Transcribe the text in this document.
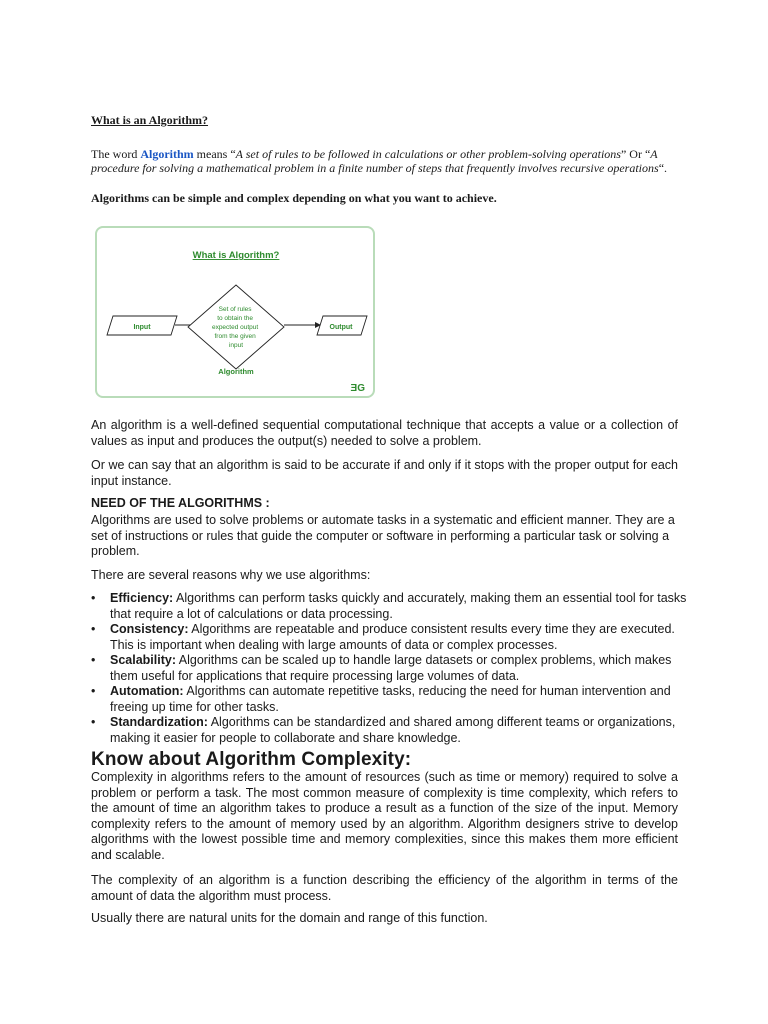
What is an Algorithm?
The word Algorithm means “A set of rules to be followed in calculations or other problem-solving operations” Or “A procedure for solving a mathematical problem in a finite number of steps that frequently involves recursive operations“.
Algorithms can be simple and complex depending on what you want to achieve.
What is Algorithm?
Input
Set of rules to obtain the expected output from the given input
Output
Algorithm
ƎG
An algorithm is a well-defined sequential computational technique that accepts a value or a collection of values as input and produces the output(s) needed to solve a problem.
Or we can say that an algorithm is said to be accurate if and only if it stops with the proper output for each input instance.
NEED OF THE ALGORITHMS :
Algorithms are used to solve problems or automate tasks in a systematic and efficient manner. They are a set of instructions or rules that guide the computer or software in performing a particular task or solving a problem.
There are several reasons why we use algorithms:
• Efficiency: Algorithms can perform tasks quickly and accurately, making them an essential tool for tasks that require a lot of calculations or data processing.
• Consistency: Algorithms are repeatable and produce consistent results every time they are executed. This is important when dealing with large amounts of data or complex processes.
• Scalability: Algorithms can be scaled up to handle large datasets or complex problems, which makes them useful for applications that require processing large volumes of data.
• Automation: Algorithms can automate repetitive tasks, reducing the need for human intervention and freeing up time for other tasks.
• Standardization: Algorithms can be standardized and shared among different teams or organizations, making it easier for people to collaborate and share knowledge.
Know about Algorithm Complexity:
Complexity in algorithms refers to the amount of resources (such as time or memory) required to solve a problem or perform a task. The most common measure of complexity is time complexity, which refers to the amount of time an algorithm takes to produce a result as a function of the size of the input. Memory complexity refers to the amount of memory used by an algorithm. Algorithm designers strive to develop algorithms with the lowest possible time and memory complexities, since this makes them more efficient and scalable.
The complexity of an algorithm is a function describing the efficiency of the algorithm in terms of the amount of data the algorithm must process.
Usually there are natural units for the domain and range of this function.
